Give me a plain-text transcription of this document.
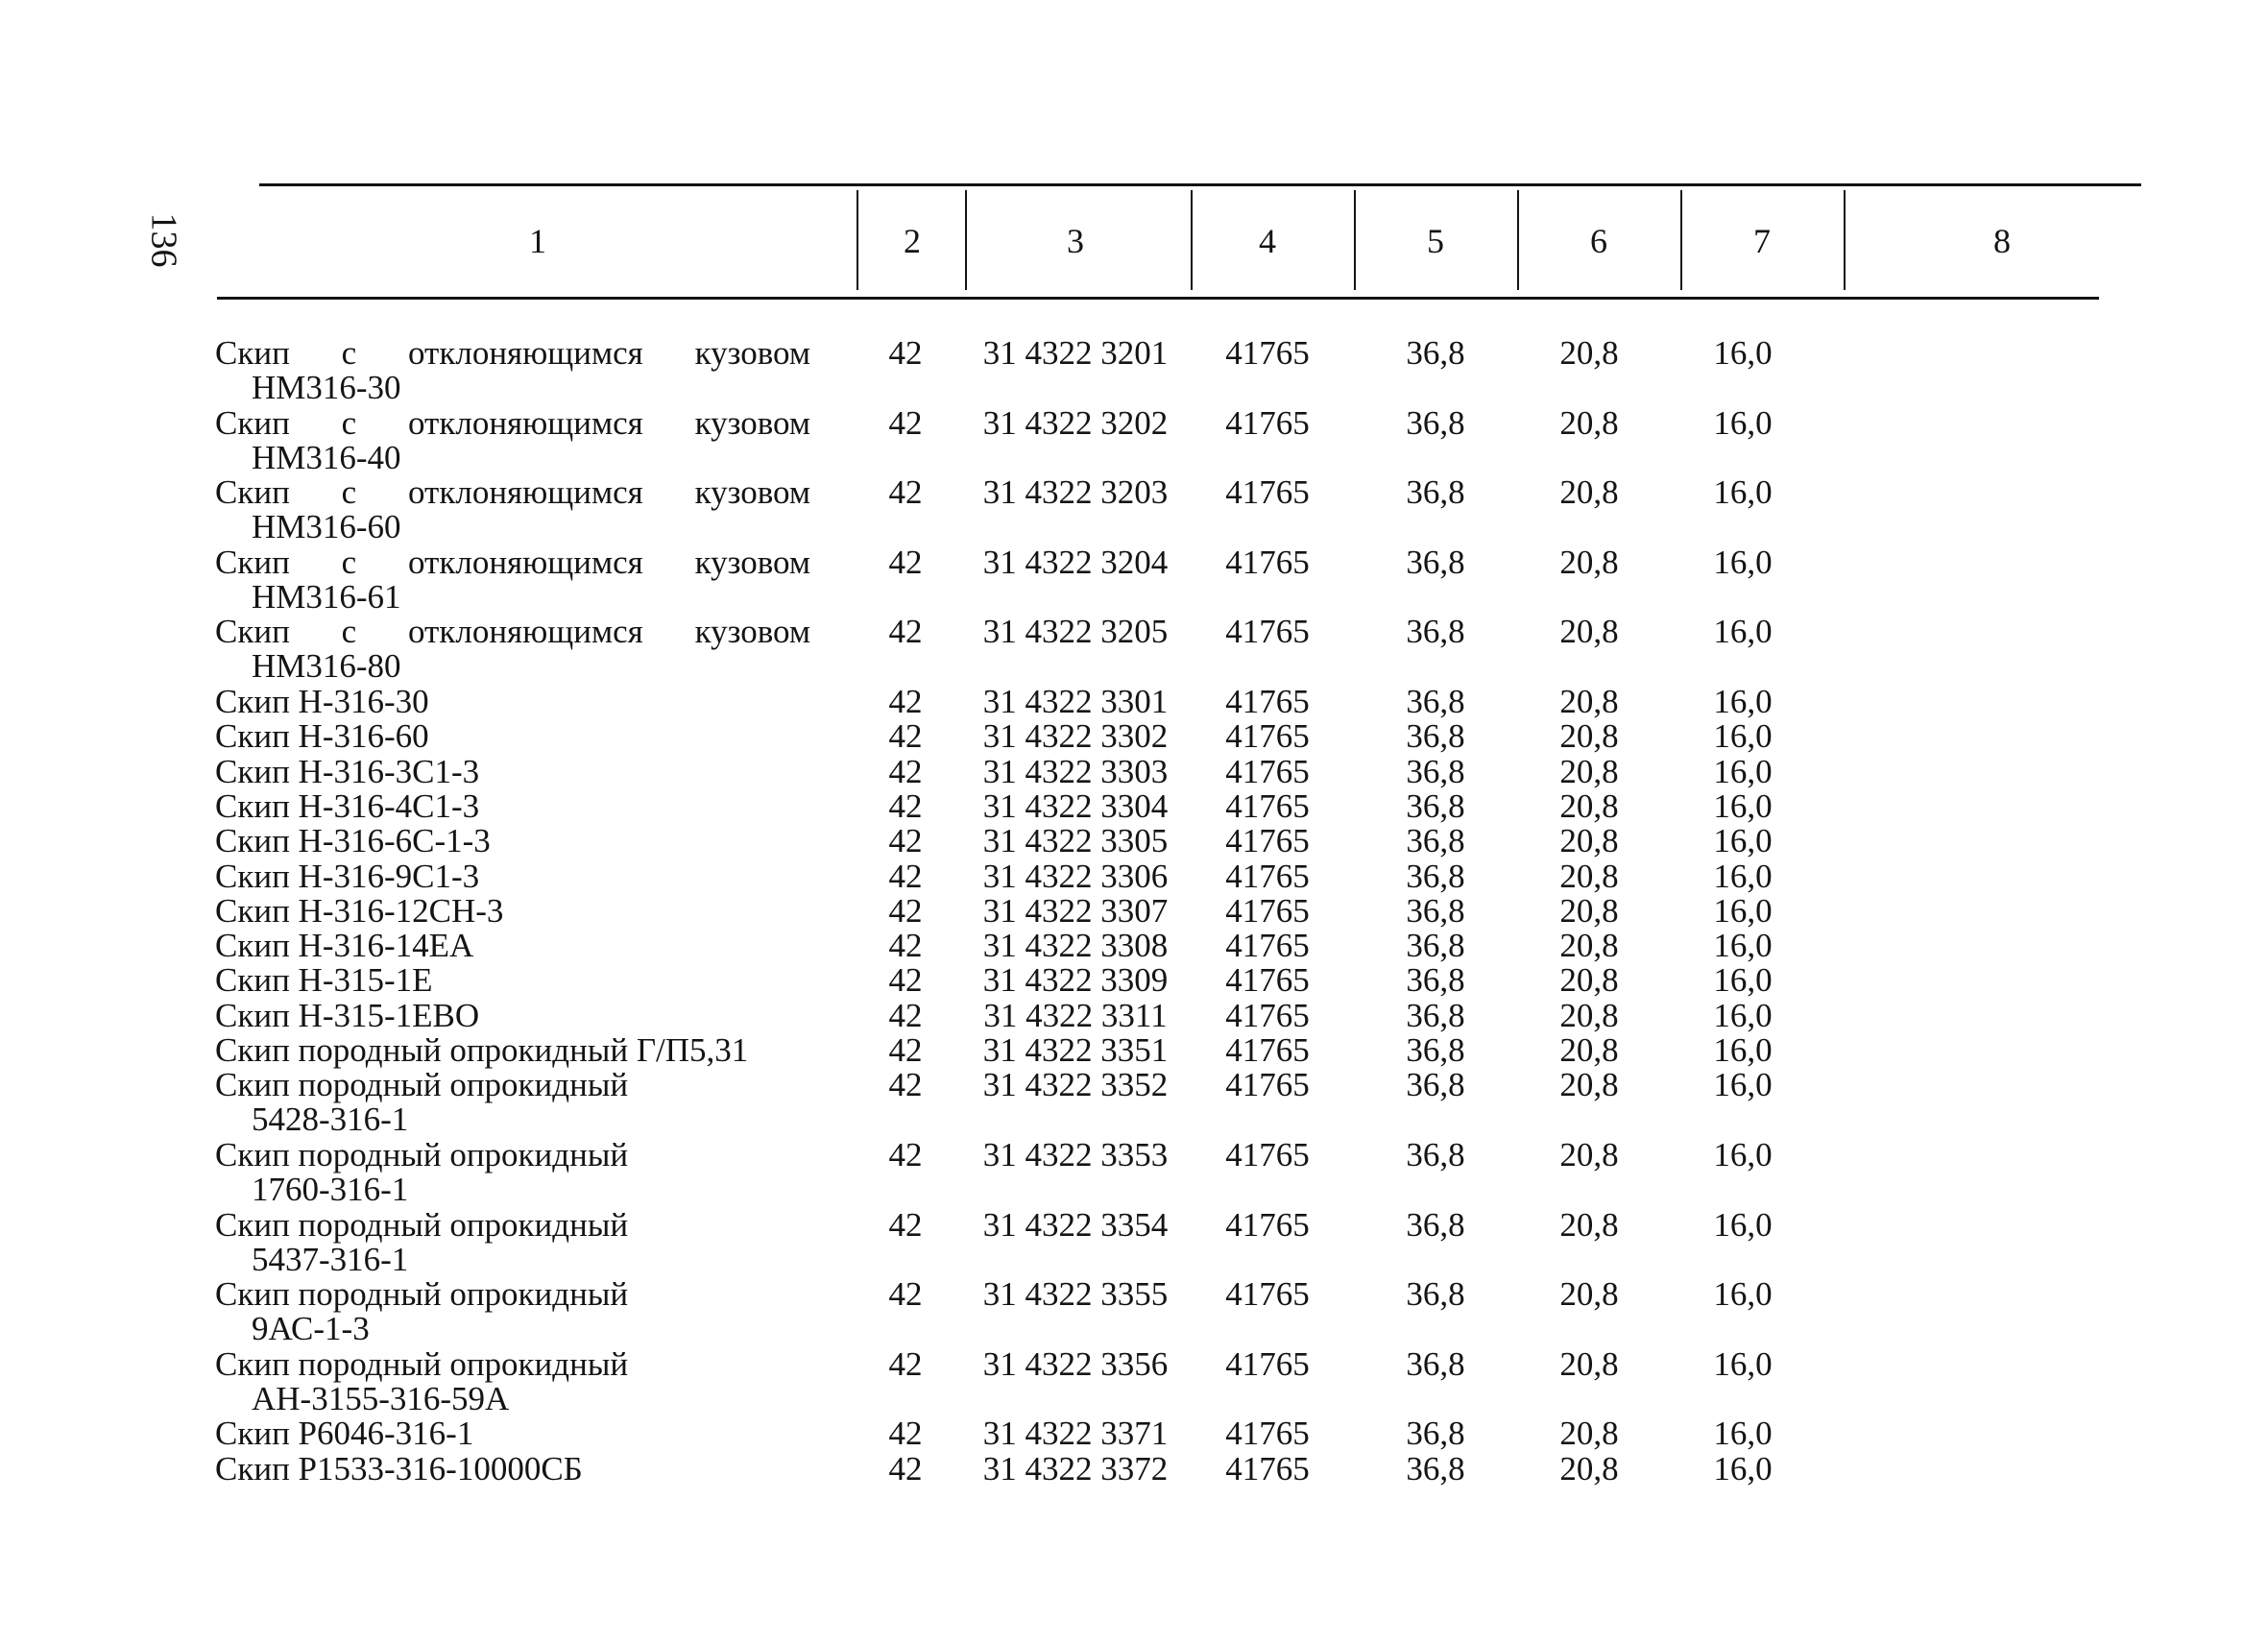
136	1	2	3	4	5	6	7	8
Скип с отклоняющимся кузовом
НМ316-30
42	31 4322 3201	41765	36,8	20,8	16,0
Скип с отклоняющимся кузовом
НМ316-40
42	31 4322 3202	41765	36,8	20,8	16,0
Скип с отклоняющимся кузовом
НМ316-60
42	31 4322 3203	41765	36,8	20,8	16,0
Скип с отклоняющимся кузовом
НМ316-61
42	31 4322 3204	41765	36,8	20,8	16,0
Скип с отклоняющимся кузовом
НМ316-80
42	31 4322 3205	41765	36,8	20,8	16,0
Скип Н-316-30	42	31 4322 3301	41765	36,8	20,8	16,0
Скип Н-316-60	42	31 4322 3302	41765	36,8	20,8	16,0
Скип Н-316-3С1-3	42	31 4322 3303	41765	36,8	20,8	16,0
Скип Н-316-4С1-3	42	31 4322 3304	41765	36,8	20,8	16,0
Скип Н-316-6С-1-3	42	31 4322 3305	41765	36,8	20,8	16,0
Скип Н-316-9С1-3	42	31 4322 3306	41765	36,8	20,8	16,0
Скип Н-316-12СН-3	42	31 4322 3307	41765	36,8	20,8	16,0
Скип Н-316-14ЕА	42	31 4322 3308	41765	36,8	20,8	16,0
Скип Н-315-1Е	42	31 4322 3309	41765	36,8	20,8	16,0
Скип Н-315-1ЕВО	42	31 4322 3311	41765	36,8	20,8	16,0
Скип породный опрокидный Г/П5,31	42	31 4322 3351	41765	36,8	20,8	16,0
Скип породный опрокидный
5428-316-1
42	31 4322 3352	41765	36,8	20,8	16,0
Скип породный опрокидный
1760-316-1
42	31 4322 3353	41765	36,8	20,8	16,0
Скип породный опрокидный
5437-316-1
42	31 4322 3354	41765	36,8	20,8	16,0
Скип породный опрокидный
9АС-1-3
42	31 4322 3355	41765	36,8	20,8	16,0
Скип породный опрокидный
АН-3155-316-59А
42	31 4322 3356	41765	36,8	20,8	16,0
Скип Р6046-316-1	42	31 4322 3371	41765	36,8	20,8	16,0
Скип Р1533-316-10000СБ	42	31 4322 3372	41765	36,8	20,8	16,0
